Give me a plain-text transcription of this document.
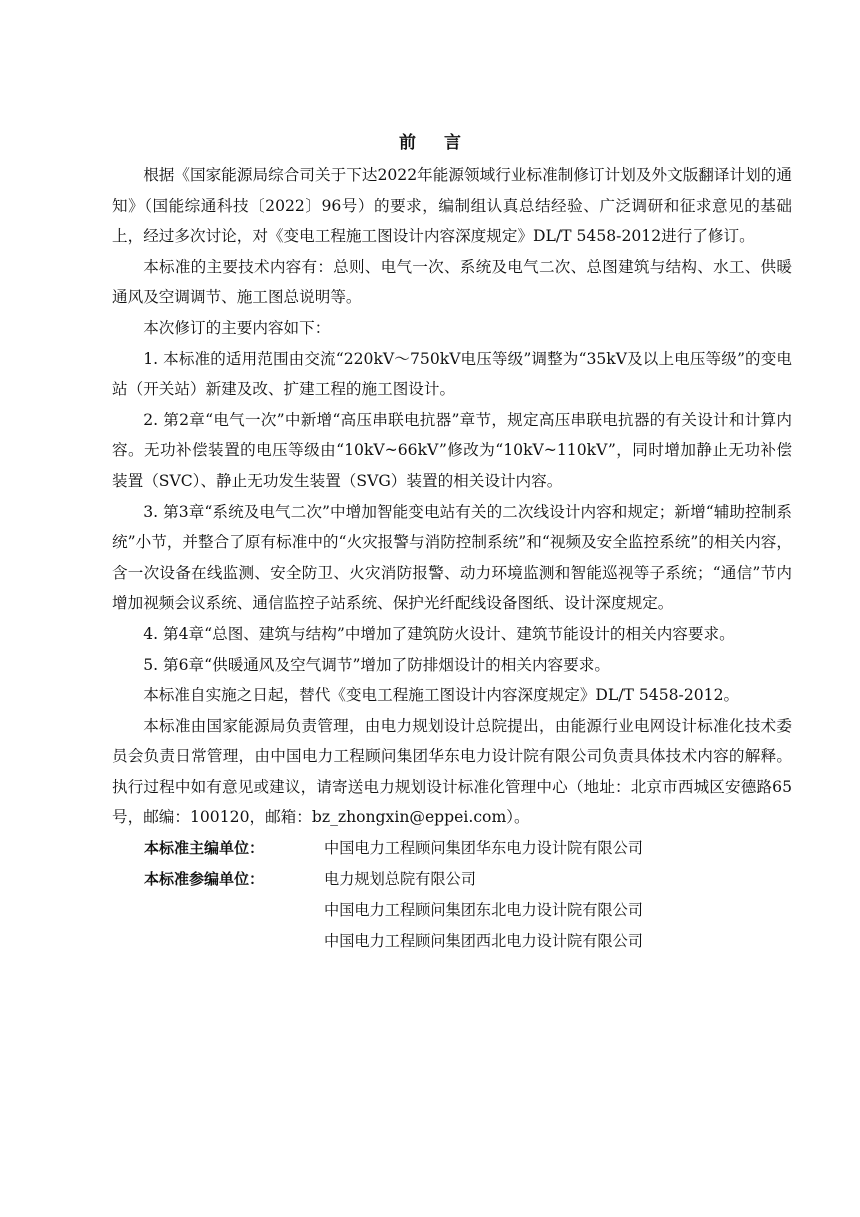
前言

根据《国家能源局综合司关于下达2022年能源领域行业标准制修订计划及外文版翻译计划的通知》（国能综通科技〔2022〕96号）的要求，编制组认真总结经验、广泛调研和征求意见的基础上，经过多次讨论，对《变电工程施工图设计内容深度规定》DL/T 5458-2012进行了修订。

本标准的主要技术内容有：总则、电气一次、系统及电气二次、总图建筑与结构、水工、供暖通风及空调调节、施工图总说明等。

本次修订的主要内容如下：

1. 本标准的适用范围由交流“220kV～750kV电压等级”调整为“35kV及以上电压等级”的变电站（开关站）新建及改、扩建工程的施工图设计。

2. 第2章“电气一次”中新增“高压串联电抗器”章节，规定高压串联电抗器的有关设计和计算内容。无功补偿装置的电压等级由“10kV~66kV”修改为“10kV~110kV”，同时增加静止无功补偿装置（SVC）、静止无功发生装置（SVG）装置的相关设计内容。

3. 第3章“系统及电气二次”中增加智能变电站有关的二次线设计内容和规定；新增“辅助控制系统”小节，并整合了原有标准中的“火灾报警与消防控制系统”和“视频及安全监控系统”的相关内容，含一次设备在线监测、安全防卫、火灾消防报警、动力环境监测和智能巡视等子系统；“通信”节内增加视频会议系统、通信监控子站系统、保护光纤配线设备图纸、设计深度规定。

4. 第4章“总图、建筑与结构”中增加了建筑防火设计、建筑节能设计的相关内容要求。

5. 第6章“供暖通风及空气调节”增加了防排烟设计的相关内容要求。

本标准自实施之日起，替代《变电工程施工图设计内容深度规定》DL/T 5458-2012。

本标准由国家能源局负责管理，由电力规划设计总院提出，由能源行业电网设计标准化技术委员会负责日常管理，由中国电力工程顾问集团华东电力设计院有限公司负责具体技术内容的解释。执行过程中如有意见或建议，请寄送电力规划设计标准化管理中心（地址：北京市西城区安德路65号，邮编：100120，邮箱：bz_zhongxin@eppei.com）。

本标准主编单位：	中国电力工程顾问集团华东电力设计院有限公司
本标准参编单位：	电力规划总院有限公司
中国电力工程顾问集团东北电力设计院有限公司
中国电力工程顾问集团西北电力设计院有限公司
